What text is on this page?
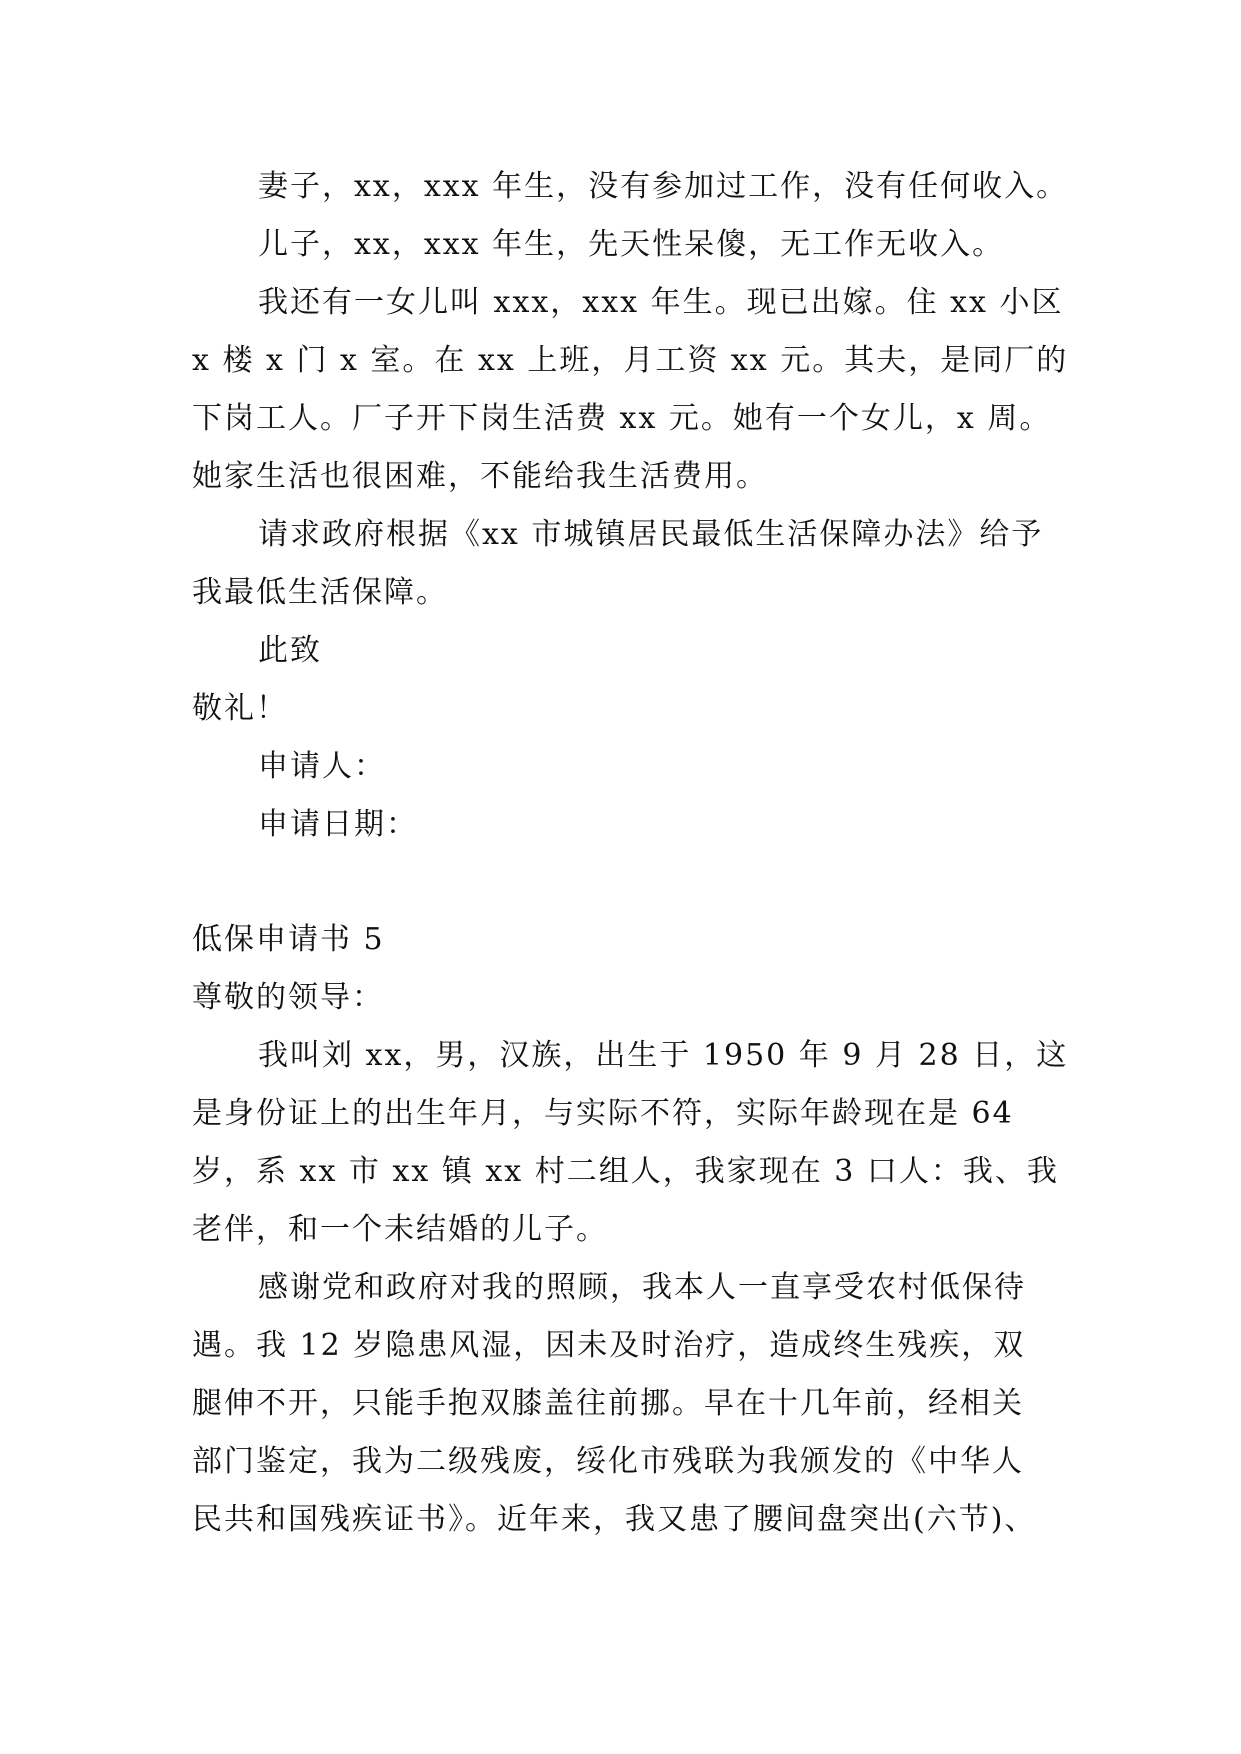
妻子，xx，xxx 年生，没有参加过工作，没有任何收入。
儿子，xx，xxx 年生，先天性呆傻，无工作无收入。
我还有一女儿叫 xxx，xxx 年生。现已出嫁。住 xx 小区
x 楼 x 门 x 室。在 xx 上班，月工资 xx 元。其夫，是同厂的
下岗工人。厂子开下岗生活费 xx 元。她有一个女儿，x 周。
她家生活也很困难，不能给我生活费用。
请求政府根据《xx 市城镇居民最低生活保障办法》给予
我最低生活保障。
此致
敬礼！
申请人：
申请日期：
低保申请书 5
尊敬的领导：
我叫刘 xx，男，汉族，出生于 1950 年 9 月 28 日，这
是身份证上的出生年月，与实际不符，实际年龄现在是 64
岁，系 xx 市 xx 镇 xx 村二组人，我家现在 3 口人：我、我
老伴，和一个未结婚的儿子。
感谢党和政府对我的照顾，我本人一直享受农村低保待
遇。我 12 岁隐患风湿，因未及时治疗，造成终生残疾，双
腿伸不开，只能手抱双膝盖往前挪。早在十几年前，经相关
部门鉴定，我为二级残废，绥化市残联为我颁发的《中华人
民共和国残疾证书》。近年来，我又患了腰间盘突出(六节)、
